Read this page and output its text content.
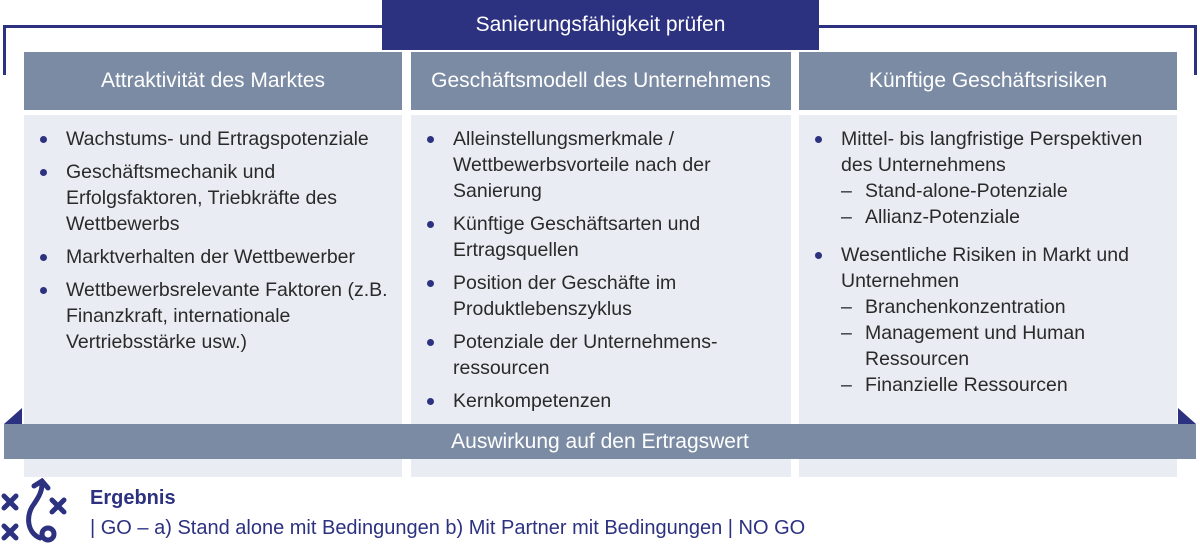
Sanierungsfähigkeit prüfen
Attraktivität des Marktes	Geschäftsmodell des Unternehmens	Künftige Geschäftsrisiken
Wachstums- und Ertragspotenziale
Geschäftsmechanik und Erfolgsfaktoren, Triebkräfte des Wettbewerbs
Marktverhalten der Wettbewerber
Wettbewerbsrelevante Faktoren (z.B. Finanzkraft, internationale Vertriebsstärke usw.)
Alleinstellungsmerkmale / Wettbewerbsvorteile nach der Sanierung
Künftige Geschäftsarten und Ertragsquellen
Position der Geschäfte im Produktlebenszyklus
Potenziale der Unternehmens-ressourcen
Kernkompetenzen
Mittel- bis langfristige Perspektiven des Unternehmens
– Stand-alone-Potenziale
– Allianz-Potenziale
Wesentliche Risiken in Markt und Unternehmen
– Branchenkonzentration
– Management und Human Ressourcen
– Finanzielle Ressourcen
Auswirkung auf den Ertragswert
Ergebnis
| GO – a) Stand alone mit Bedingungen b) Mit Partner mit Bedingungen | NO GO
